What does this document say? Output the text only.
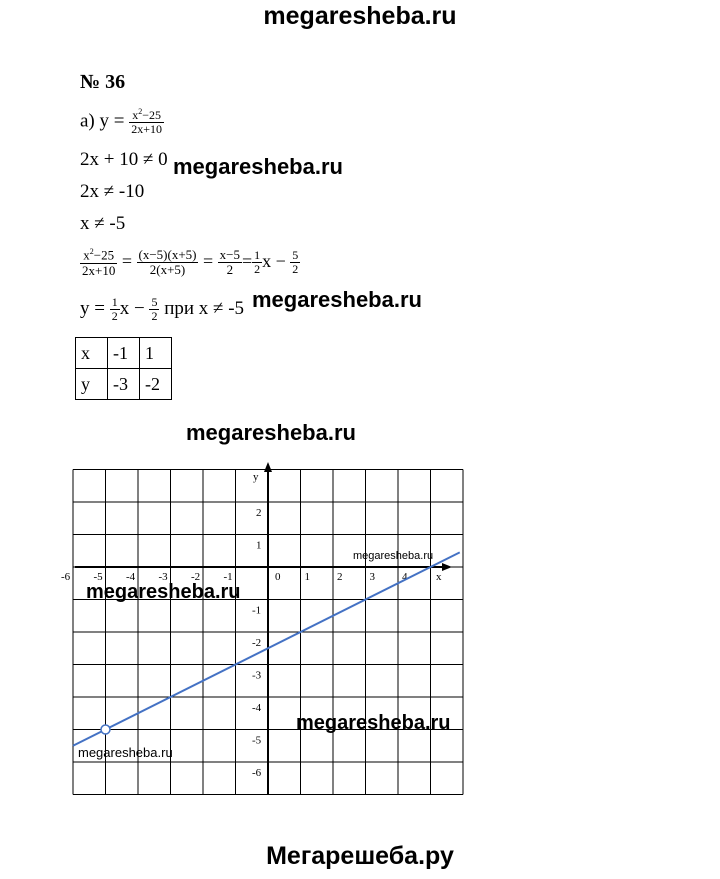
megaresheba.ru
megaresheba.ru
megaresheba.ru
megaresheba.ru
№ 36
а) $y = \frac{x^2-25}{2x+10}$
2x + 10 ≠ 0
2x ≠ -10
x ≠ -5
$\frac{x^2-25}{2x+10} = \frac{(x-5)(x+5)}{2(x+5)} = \frac{x-5}{2} = \frac{1}{2}$ $x - \frac{5}{2}$
$y = \frac{1}{2}$ $x - \frac{5}{2}$ при x ≠ -5
x	-1	1
y	-3	-2
-6 -5 -4 -3 -2 -1	1 2 3 4
2
1
-1
-2
-3
-4
-5
-6
x
y
0
megaresheba.ru
megaresheba.ru
megaresheba.ru
megaresheba.ru
Мегарешеба.ру
